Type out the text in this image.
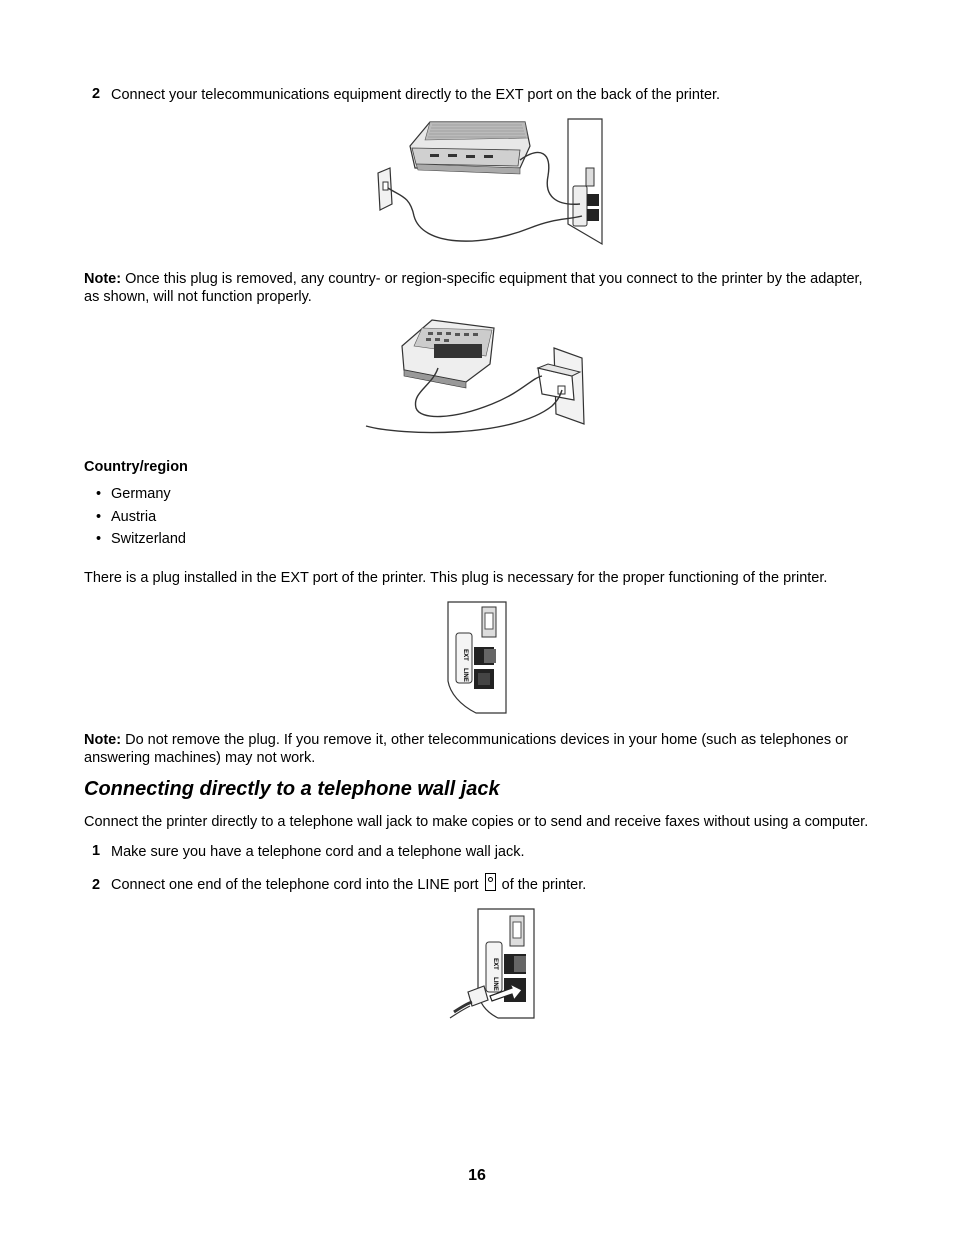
2 Connect your telecommunications equipment directly to the EXT port on the back of the printer.
Note: Once this plug is removed, any country- or region-specific equipment that you connect to the printer by the adapter, as shown, will not function properly.
Country/region
• Germany
• Austria
• Switzerland
There is a plug installed in the EXT port of the printer. This plug is necessary for the proper functioning of the printer.
EXT
LINE
Note: Do not remove the plug. If you remove it, other telecommunications devices in your home (such as telephones or answering machines) may not work.
Connecting directly to a telephone wall jack
Connect the printer directly to a telephone wall jack to make copies or to send and receive faxes without using a computer.
1 Make sure you have a telephone cord and a telephone wall jack.
2 Connect one end of the telephone cord into the LINE port  of the printer.
EXT
LINE
16
